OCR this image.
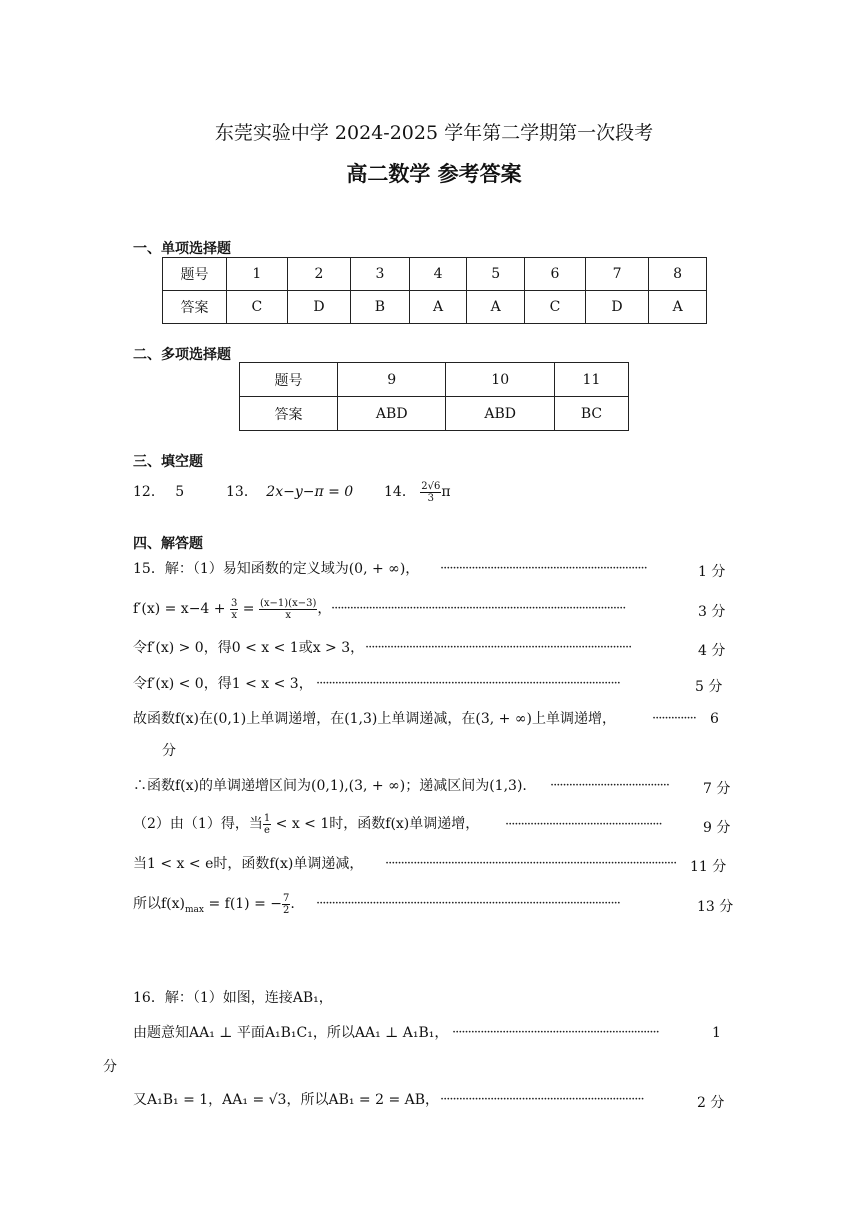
东莞实验中学 2024-2025 学年第二学期第一次段考
高二数学 参考答案
一、单项选择题
题号	1	2	3	4	5	6	7	8
答案	C	D	B	A	A	C	D	A
二、多项选择题
题号	9	10	11
答案	ABD	ABD	BC
三、填空题
12． 5	13． 2x−y−π = 0 14． $\frac{2√6}{3}$ π
四、解答题
15．解：（1）易知函数的定义域为(0, + ∞)， ··································································	1 分
$f'(x) = x-4 + \frac{3}{x} = \frac{(x-1)(x-3)}{x}$ ， ······························································································	3 分
令f′(x) > 0，得0 < x < 1或x > 3， ·····················································································	4 分
令f′(x) < 0，得1 < x < 3， ·································································································	5 分
故函数f(x)在(0,1)上单调递增，在(1,3)上单调递减，在(3, + ∞)上单调递增，	··············	6
分
∴函数f(x)的单调递增区间为(0,1),(3, + ∞)；递减区间为(1,3). ······································	7 分
（2）由（1）得，当 $\frac{1}{e} < x < 1$时，函数f(x)单调递增， ··················································	9 分
当1 < x < e时，函数f(x)单调递减， ····························································································· 11 分
所以$f(x)_{max} = f(1)$ = − $\frac{7}{2}$ . ·································································································	13 分
16．解：（1）如图，连接AB₁，
由题意知AA₁ ⊥ 平面A₁B₁C₁，所以AA₁ ⊥ A₁B₁， ··································································	1
分
又A₁B₁ = 1，AA₁ = √3，所以AB₁ = 2 = AB， ·································································	2 分
